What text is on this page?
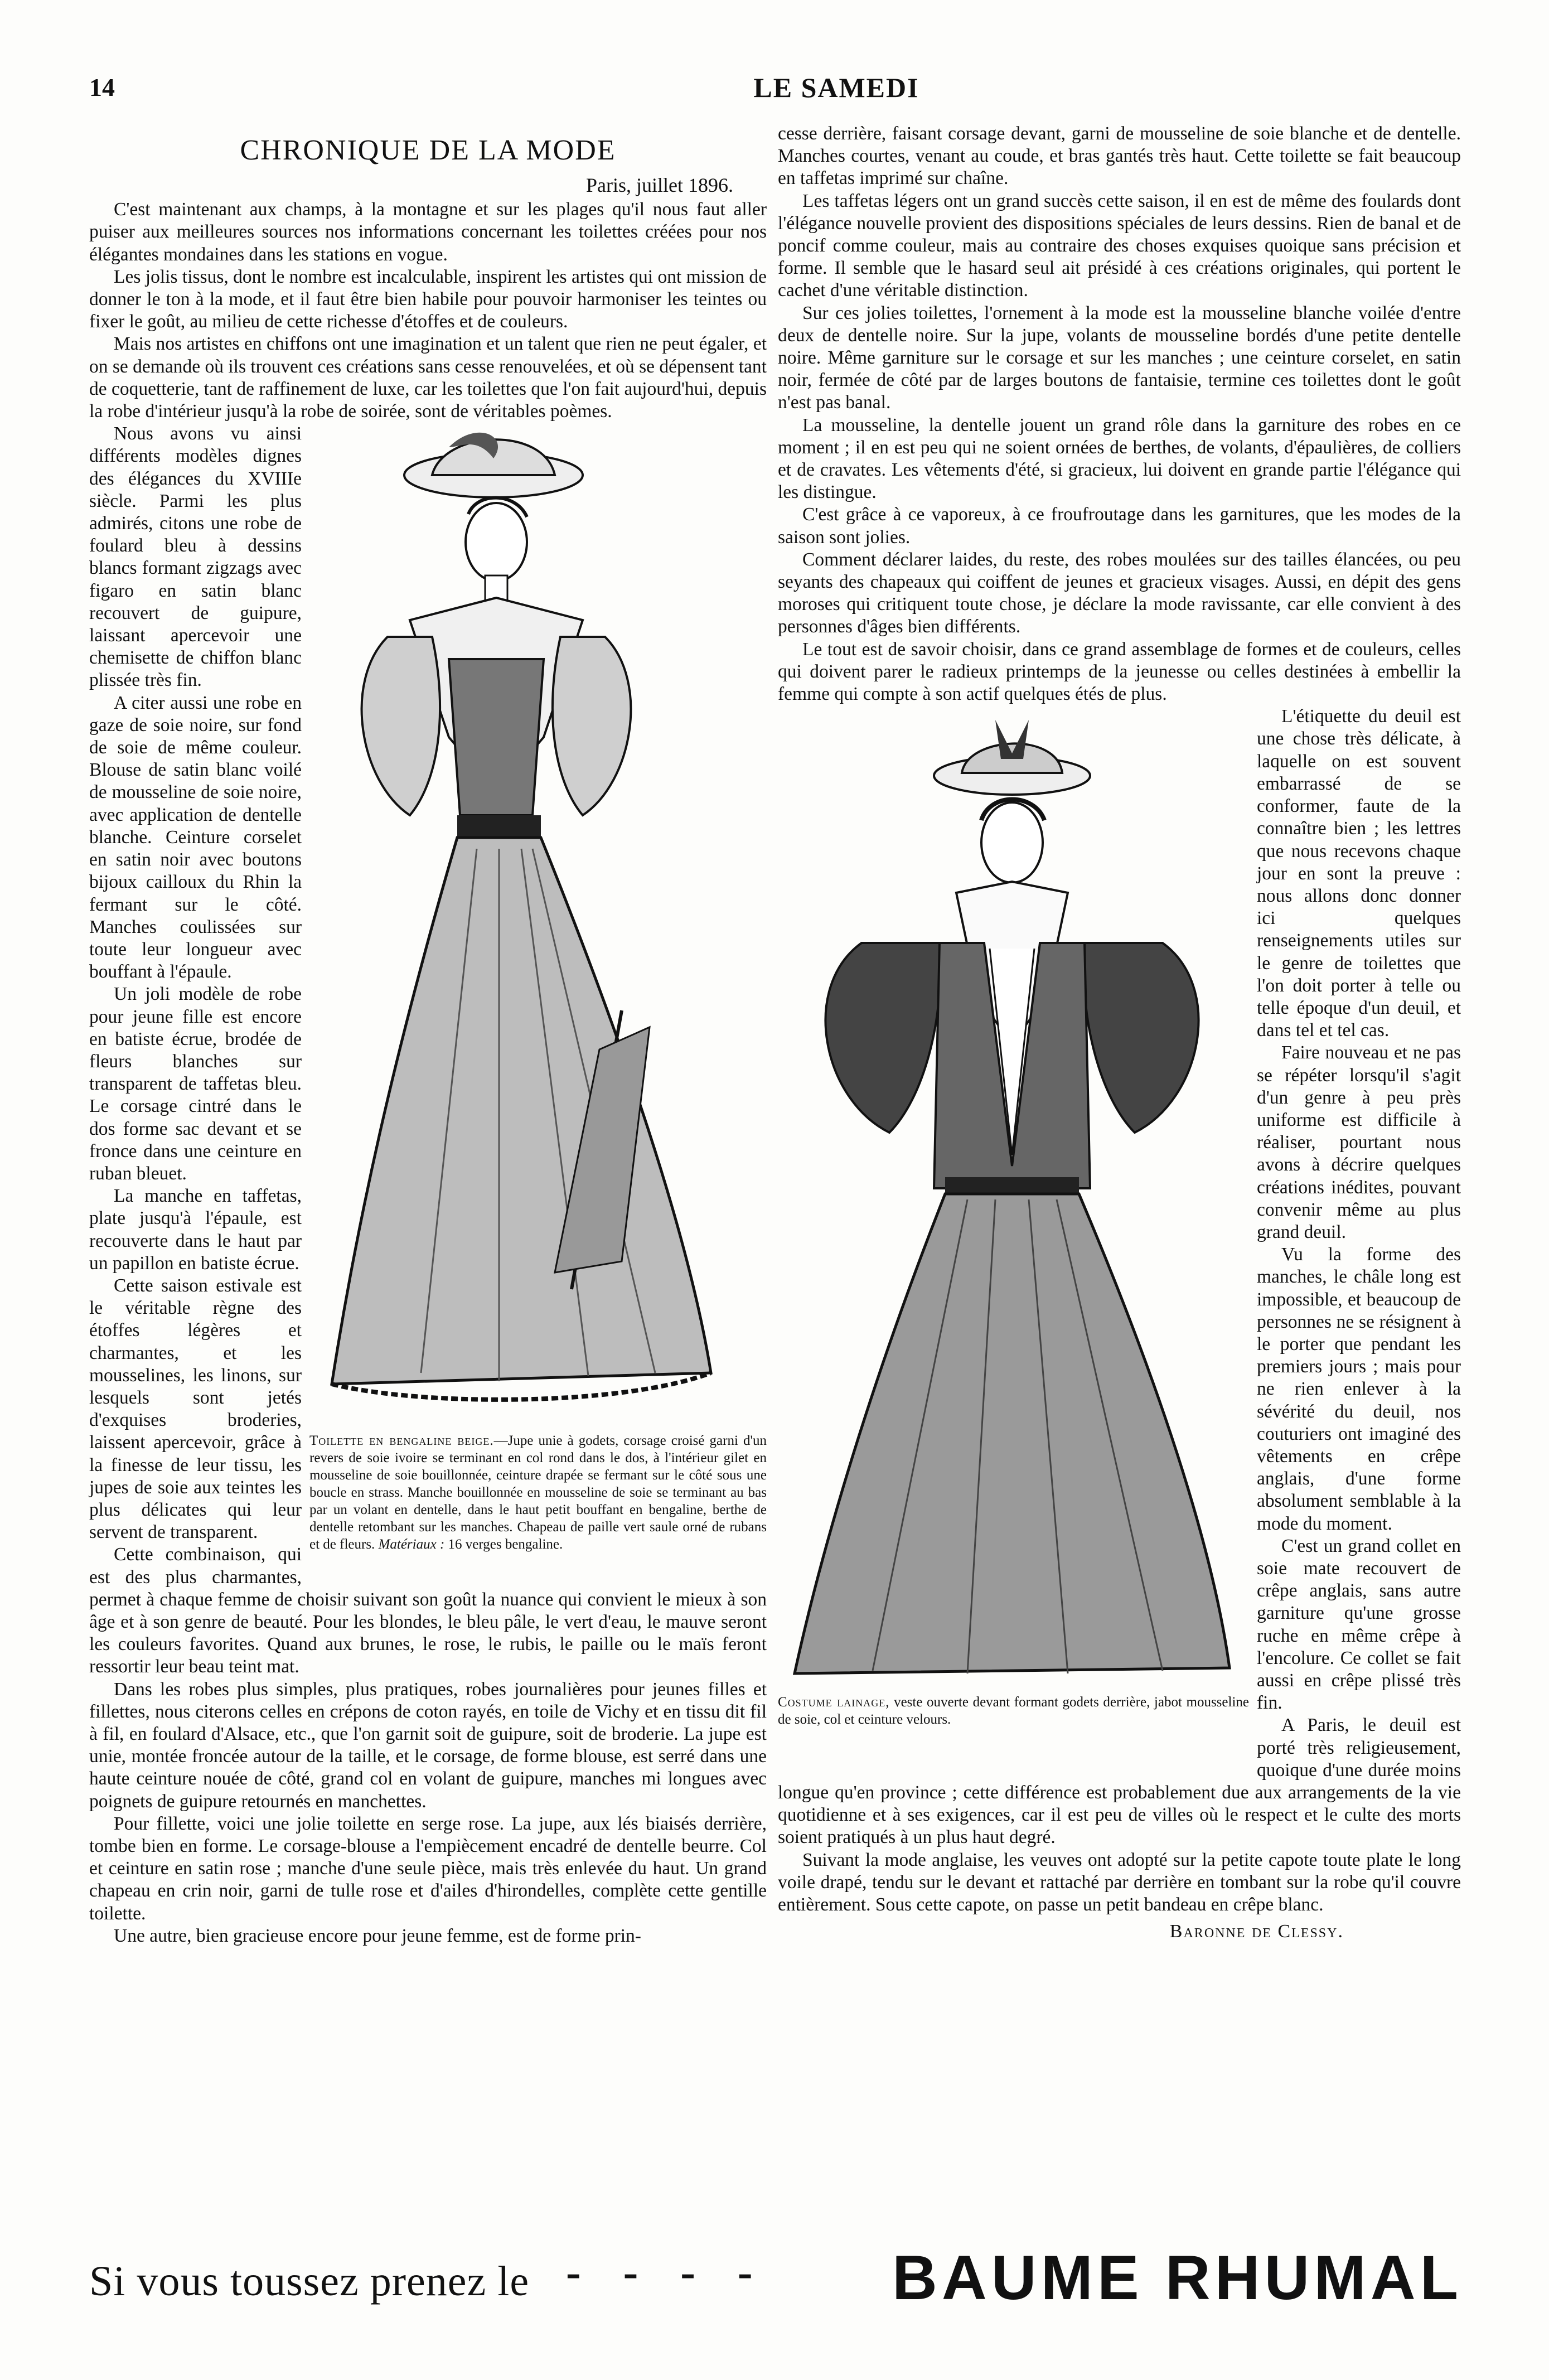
14	LE SAMEDI
CHRONIQUE DE LA MODE
Paris, juillet 1896.

C'est maintenant aux champs, à la montagne et sur les plages qu'il nous faut aller puiser aux meilleures sources nos informations concernant les toilettes créées pour nos élégantes mondaines dans les stations en vogue.

Les jolis tissus, dont le nombre est incalculable, inspirent les artistes qui ont mission de donner le ton à la mode, et il faut être bien habile pour pouvoir harmoniser les teintes ou fixer le goût, au milieu de cette richesse d'étoffes et de couleurs.

Mais nos artistes en chiffons ont une imagination et un talent que rien ne peut égaler, et on se demande où ils trouvent ces créations sans cesse renouvelées, et où se dépensent tant de coquetterie, tant de raffinement de luxe, car les toilettes que l'on fait aujourd'hui, depuis la robe d'intérieur jusqu'à la robe de soirée, sont de véritables poèmes.

Toilette en bengaline beige.—Jupe unie à godets, corsage croisé garni d'un revers de soie ivoire se terminant en col rond dans le dos, à l'intérieur gilet en mousseline de soie bouillonnée, ceinture drapée se fermant sur le côté sous une boucle en strass. Manche bouillonnée en mousseline de soie se terminant au bas par un volant en dentelle, dans le haut petit bouffant en bengaline, berthe de dentelle retombant sur les manches. Chapeau de paille vert saule orné de rubans et de fleurs. Matériaux : 16 verges bengaline.

Nous avons vu ainsi différents modèles dignes des élégances du XVIIIe siècle. Parmi les plus admirés, citons une robe de foulard bleu à dessins blancs formant zigzags avec figaro en satin blanc recouvert de guipure, laissant apercevoir une chemisette de chiffon blanc plissée très fin.

A citer aussi une robe en gaze de soie noire, sur fond de soie de même couleur. Blouse de satin blanc voilé de mousseline de soie noire, avec application de dentelle blanche. Ceinture corselet en satin noir avec boutons bijoux cailloux du Rhin la fermant sur le côté. Manches coulissées sur toute leur longueur avec bouffant à l'épaule.

Un joli modèle de robe pour jeune fille est encore en batiste écrue, brodée de fleurs blanches sur transparent de taffetas bleu. Le corsage cintré dans le dos forme sac devant et se fronce dans une ceinture en ruban bleuet.

La manche en taffetas, plate jusqu'à l'épaule, est recouverte dans le haut par un papillon en batiste écrue.

Cette saison estivale est le véritable règne des étoffes légères et charmantes, et les mousselines, les linons, sur lesquels sont jetés d'exquises broderies, laissent apercevoir, grâce à la finesse de leur tissu, les jupes de soie aux teintes les plus délicates qui leur servent de transparent.

Cette combinaison, qui est des plus charmantes, permet à chaque femme de choisir suivant son goût la nuance qui convient le mieux à son âge et à son genre de beauté. Pour les blondes, le bleu pâle, le vert d'eau, le mauve seront les couleurs favorites. Quand aux brunes, le rose, le rubis, le paille ou le maïs feront ressortir leur beau teint mat.

Dans les robes plus simples, plus pratiques, robes journalières pour jeunes filles et fillettes, nous citerons celles en crépons de coton rayés, en toile de Vichy et en tissu dit fil à fil, en foulard d'Alsace, etc., que l'on garnit soit de guipure, soit de broderie. La jupe est unie, montée froncée autour de la taille, et le corsage, de forme blouse, est serré dans une haute ceinture nouée de côté, grand col en volant de guipure, manches mi longues avec poignets de guipure retournés en manchettes.

Pour fillette, voici une jolie toilette en serge rose. La jupe, aux lés biaisés derrière, tombe bien en forme. Le corsage-blouse a l'empiècement encadré de dentelle beurre. Col et ceinture en satin rose ; manche d'une seule pièce, mais très enlevée du haut. Un grand chapeau en crin noir, garni de tulle rose et d'ailes d'hirondelles, complète cette gentille toilette.

Une autre, bien gracieuse encore pour jeune femme, est de forme prin-

cesse derrière, faisant corsage devant, garni de mousseline de soie blanche et de dentelle. Manches courtes, venant au coude, et bras gantés très haut. Cette toilette se fait beaucoup en taffetas imprimé sur chaîne.

Les taffetas légers ont un grand succès cette saison, il en est de même des foulards dont l'élégance nouvelle provient des dispositions spéciales de leurs dessins. Rien de banal et de poncif comme couleur, mais au contraire des choses exquises quoique sans précision et forme. Il semble que le hasard seul ait présidé à ces créations originales, qui portent le cachet d'une véritable distinction.

Sur ces jolies toilettes, l'ornement à la mode est la mousseline blanche voilée d'entre deux de dentelle noire. Sur la jupe, volants de mousseline bordés d'une petite dentelle noire. Même garniture sur le corsage et sur les manches ; une ceinture corselet, en satin noir, fermée de côté par de larges boutons de fantaisie, termine ces toilettes dont le goût n'est pas banal.

La mousseline, la dentelle jouent un grand rôle dans la garniture des robes en ce moment ; il en est peu qui ne soient ornées de berthes, de volants, d'épaulières, de colliers et de cravates. Les vêtements d'été, si gracieux, lui doivent en grande partie l'élégance qui les distingue.

C'est grâce à ce vaporeux, à ce froufroutage dans les garnitures, que les modes de la saison sont jolies.

Comment déclarer laides, du reste, des robes moulées sur des tailles élancées, ou peu seyants des chapeaux qui coiffent de jeunes et gracieux visages. Aussi, en dépit des gens moroses qui critiquent toute chose, je déclare la mode ravissante, car elle convient à des personnes d'âges bien différents.

Le tout est de savoir choisir, dans ce grand assemblage de formes et de couleurs, celles qui doivent parer le radieux printemps de la jeunesse ou celles destinées à embellir la femme qui compte à son actif quelques étés de plus.

Costume lainage, veste ouverte devant formant godets derrière, jabot mousseline de soie, col et ceinture velours.

L'étiquette du deuil est une chose très délicate, à laquelle on est souvent embarrassé de se conformer, faute de la connaître bien ; les lettres que nous recevons chaque jour en sont la preuve : nous allons donc donner ici quelques renseignements utiles sur le genre de toilettes que l'on doit porter à telle ou telle époque d'un deuil, et dans tel et tel cas.

Faire nouveau et ne pas se répéter lorsqu'il s'agit d'un genre à peu près uniforme est difficile à réaliser, pourtant nous avons à décrire quelques créations inédites, pouvant convenir même au plus grand deuil.

Vu la forme des manches, le châle long est impossible, et beaucoup de personnes ne se résignent à le porter que pendant les premiers jours ; mais pour ne rien enlever à la sévérité du deuil, nos couturiers ont imaginé des vêtements en crêpe anglais, d'une forme absolument semblable à la mode du moment.

C'est un grand collet en soie mate recouvert de crêpe anglais, sans autre garniture qu'une grosse ruche en même crêpe à l'encolure. Ce collet se fait aussi en crêpe plissé très fin.

A Paris, le deuil est porté très religieusement, quoique d'une durée moins longue qu'en province ; cette différence est probablement due aux arrangements de la vie quotidienne et à ses exigences, car il est peu de villes où le respect et le culte des morts soient pratiqués à un plus haut degré.

Suivant la mode anglaise, les veuves ont adopté sur la petite capote toute plate le long voile drapé, tendu sur le devant et rattaché par derrière en tombant sur la robe qu'il couvre entièrement. Sous cette capote, on passe un petit bandeau en crêpe blanc.

Baronne de Clessy.
Si vous toussez prenez le - - - - BAUME RHUMAL
